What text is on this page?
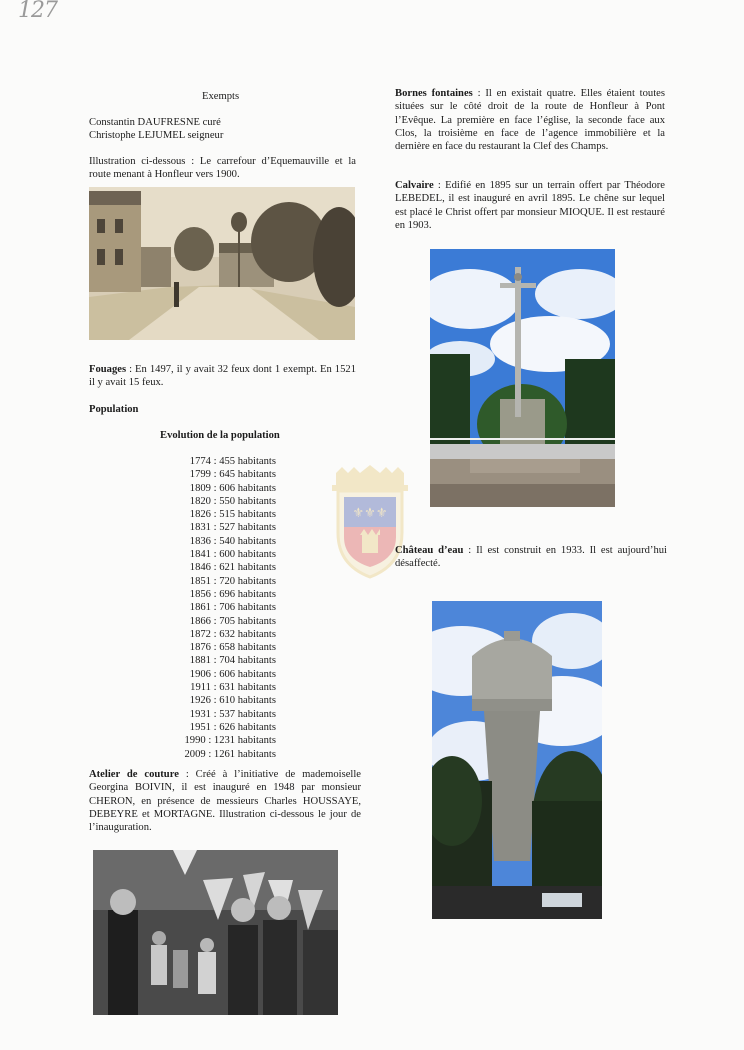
127
Exempts
Constantin DAUFRESNE curé
Christophe LEJUMEL seigneur
Illustration ci-dessous : Le carrefour d’Equemauville et la route menant à Honfleur vers 1900.
Fouages : En 1497, il y avait 32 feux dont 1 exempt. En 1521 il y avait 15 feux.
Population
Evolution de la population
1774 : 455 habitants
1799 : 645 habitants
1809 : 606 habitants
1820 : 550 habitants
1826 : 515 habitants
1831 : 527 habitants
1836 : 540 habitants
1841 : 600 habitants
1846 : 621 habitants
1851 : 720 habitants
1856 : 696 habitants
1861 : 706 habitants
1866 : 705 habitants
1872 : 632 habitants
1876 : 658 habitants
1881 : 704 habitants
1906 : 606 habitants
1911 : 631 habitants
1926 : 610 habitants
1931 : 537 habitants
1951 : 626 habitants
1990 : 1231 habitants
2009 : 1261 habitants
Atelier de couture : Créé à l’initiative de mademoiselle Georgina BOIVIN, il est inauguré en 1948 par monsieur CHERON, en présence de messieurs Charles HOUSSAYE, DEBEYRE et MORTAGNE. Illustration ci-dessous le jour de l’inauguration.
⚜⚜⚜
Bornes fontaines : Il en existait quatre. Elles étaient toutes situées sur le côté droit de la route de Honfleur à Pont l’Evêque. La première en face l’église, la seconde face aux Clos, la troisième en face de l’agence immobilière et la dernière en face du restaurant la Clef des Champs.
Calvaire : Edifié en 1895 sur un terrain offert par Théodore LEBEDEL, il est inauguré en avril 1895. Le chêne sur lequel est placé le Christ offert par monsieur MIOQUE. Il est restauré en 1903.
Château d’eau : Il est construit en 1933. Il est aujourd’hui désaffecté.
